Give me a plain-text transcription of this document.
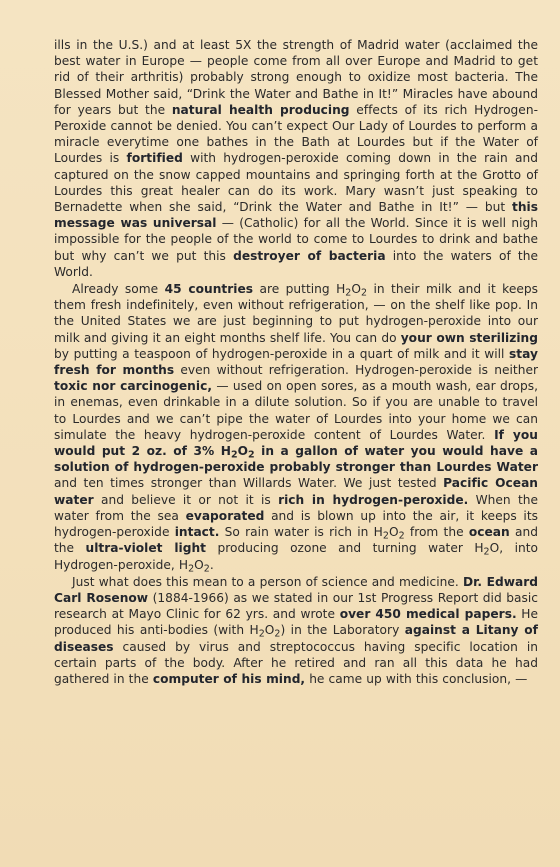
ills in the U.S.) and at least 5X the strength of Madrid water (acclaimed the best water in Europe — people come from all over Europe and Madrid to get rid of their arthritis) probably strong enough to oxidize most bacteria. The Blessed Mother said, “Drink the Water and Bathe in It!” Miracles have abound for years but the natural health producing effects of its rich Hydrogen-Peroxide cannot be denied. You can’t expect Our Lady of Lourdes to perform a miracle everytime one bathes in the Bath at Lourdes but if the Water of Lourdes is fortified with hydrogen-peroxide coming down in the rain and captured on the snow capped mountains and springing forth at the Grotto of Lourdes this great healer can do its work. Mary wasn’t just speaking to Bernadette when she said, “Drink the Water and Bathe in It!” — but this message was universal — (Catholic) for all the World. Since it is well nigh impossible for the people of the world to come to Lourdes to drink and bathe but why can’t we put this destroyer of bacteria into the waters of the World.

Already some 45 countries are putting $H_2O_2$ in their milk and it keeps them fresh indefinitely, even without refrigeration, — on the shelf like pop. In the United States we are just beginning to put hydrogen-peroxide into our milk and giving it an eight months shelf life. You can do your own sterilizing by putting a teaspoon of hydrogen-peroxide in a quart of milk and it will stay fresh for months even without refrigeration. Hydrogen-peroxide is neither toxic nor carcinogenic, — used on open sores, as a mouth wash, ear drops, in enemas, even drinkable in a dilute solution. So if you are unable to travel to Lourdes and we can’t pipe the water of Lourdes into your home we can simulate the heavy hydrogen-peroxide content of Lourdes Water. If you would put 2 oz. of 3% $H_2O_2$ in a gallon of water you would have a solution of hydrogen-peroxide probably stronger than Lourdes Water and ten times stronger than Willards Water. We just tested Pacific Ocean water and believe it or not it is rich in hydrogen-peroxide. When the water from the sea evaporated and is blown up into the air, it keeps its hydrogen-peroxide intact. So rain water is rich in $H_2O_2$ from the ocean and the ultra-violet light producing ozone and turning water $H_2O$, into Hydrogen-peroxide, $H_2O_2$.

Just what does this mean to a person of science and medicine. Dr. Edward Carl Rosenow (1884-1966) as we stated in our 1st Progress Report did basic research at Mayo Clinic for 62 yrs. and wrote over 450 medical papers. He produced his anti-bodies (with $H_2O_2$) in the Laboratory against a Litany of diseases caused by virus and streptococcus having specific location in certain parts of the body. After he retired and ran all this data he had gathered in the computer of his mind, he came up with this conclusion, —
